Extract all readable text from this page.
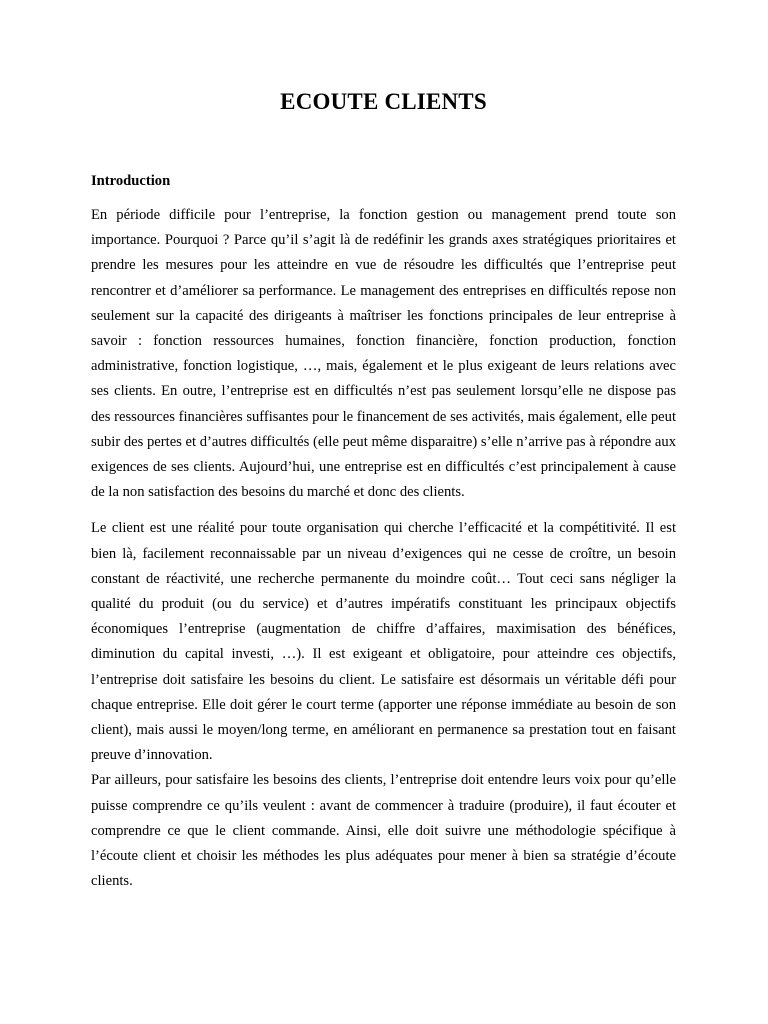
ECOUTE CLIENTS

Introduction

En période difficile pour l’entreprise, la fonction gestion ou management prend toute son importance. Pourquoi ? Parce qu’il s’agit là de redéfinir les grands axes stratégiques prioritaires et prendre les mesures pour les atteindre en vue de résoudre les difficultés que l’entreprise peut rencontrer et d’améliorer sa performance. Le management des entreprises en difficultés repose non seulement sur la capacité des dirigeants à maîtriser les fonctions principales de leur entreprise à savoir : fonction ressources humaines, fonction financière, fonction production, fonction administrative, fonction logistique, …, mais, également et le plus exigeant de leurs relations avec ses clients. En outre, l’entreprise est en difficultés n’est pas seulement lorsqu’elle ne dispose pas des ressources financières suffisantes pour le financement de ses activités, mais également, elle peut subir des pertes et d’autres difficultés (elle peut même disparaitre) s’elle n’arrive pas à répondre aux exigences de ses clients. Aujourd’hui, une entreprise est en difficultés c’est principalement à cause de la non satisfaction des besoins du marché et donc des clients.

Le client est une réalité pour toute organisation qui cherche l’efficacité et la compétitivité. Il est bien là, facilement reconnaissable par un niveau d’exigences qui ne cesse de croître, un besoin constant de réactivité, une recherche permanente du moindre coût… Tout ceci sans négliger la qualité du produit (ou du service) et d’autres impératifs constituant les principaux objectifs économiques l’entreprise (augmentation de chiffre d’affaires, maximisation des bénéfices, diminution du capital investi, …). Il est exigeant et obligatoire, pour atteindre ces objectifs, l’entreprise doit satisfaire les besoins du client. Le satisfaire est désormais un véritable défi pour chaque entreprise. Elle doit gérer le court terme (apporter une réponse immédiate au besoin de son client), mais aussi le moyen/long terme, en améliorant en permanence sa prestation tout en faisant preuve d’innovation.

Par ailleurs, pour satisfaire les besoins des clients, l’entreprise doit entendre leurs voix pour qu’elle puisse comprendre ce qu’ils veulent : avant de commencer à traduire (produire), il faut écouter et comprendre ce que le client commande. Ainsi, elle doit suivre une méthodologie spécifique à l’écoute client et choisir les méthodes les plus adéquates pour mener à bien sa stratégie d’écoute clients.
